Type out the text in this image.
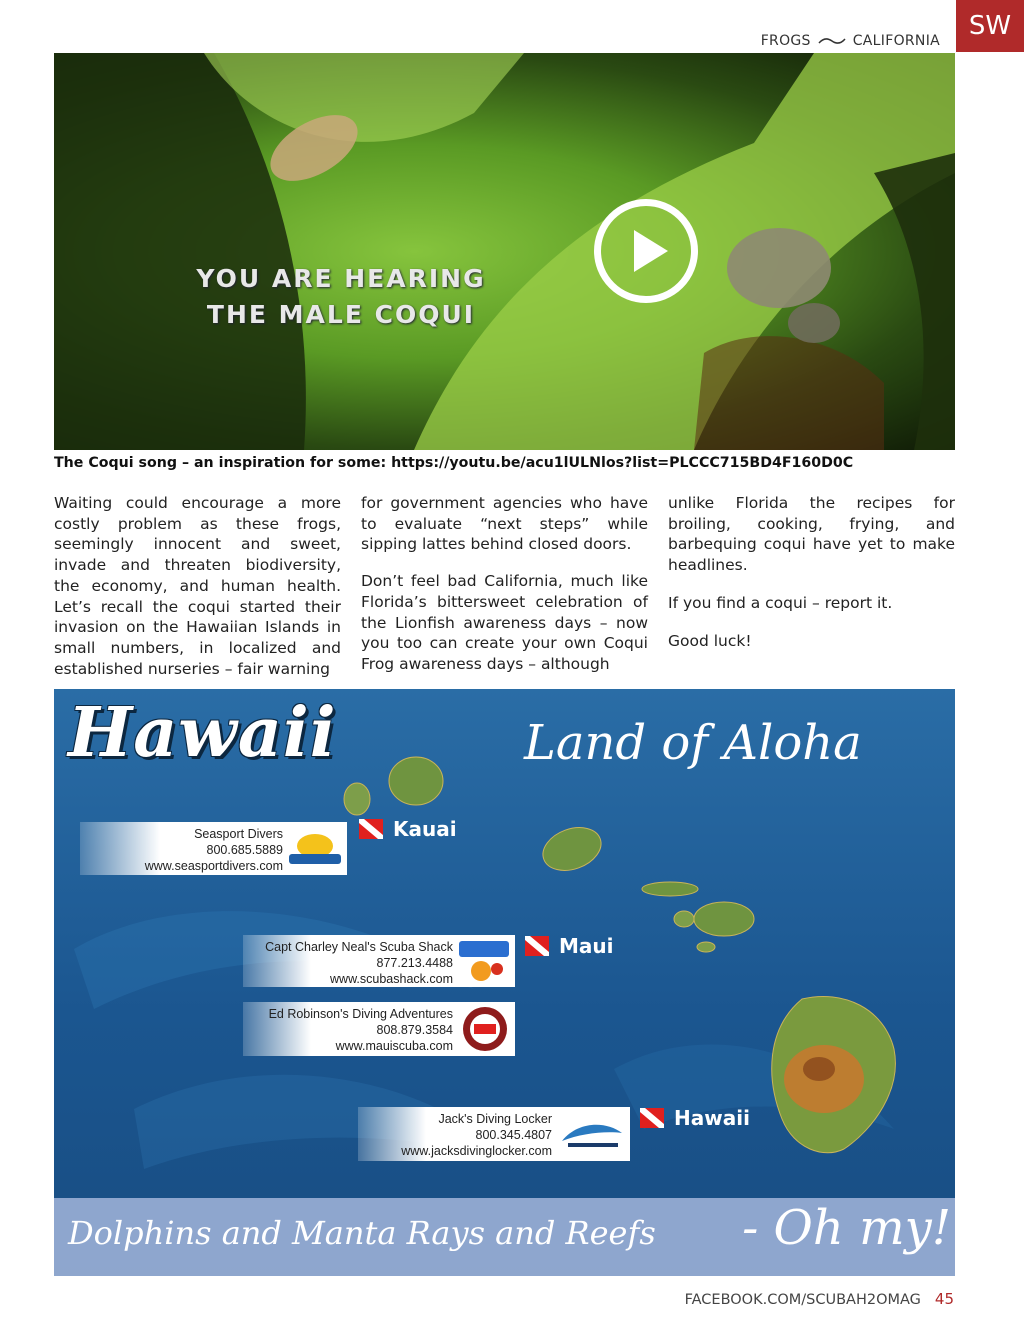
FROGS	CALIFORNIA	SW
YOU ARE HEARING
THE MALE COQUI
The Coqui song – an inspiration for some: https://youtu.be/acu1lULNlos?list=PLCCC715BD4F160D0C

Waiting could encourage a more costly problem as these frogs, seemingly innocent and sweet, invade and threaten biodiversity, the economy, and human health. Let’s recall the coqui started their invasion on the Hawaiian Islands in small numbers, in localized and established nurseries – fair warning

for government agencies who have to evaluate “next steps” while sipping lattes behind closed doors.

Don’t feel bad California, much like Florida’s bittersweet celebration of the Lionfish awareness days – now you too can create your own Coqui Frog awareness days – although

unlike Florida the recipes for broiling, cooking, frying, and barbequing coqui have yet to make headlines.

If you find a coqui – report it.

Good luck!

Hawaii	Land of Aloha
Kauai
Maui
Hawaii
Seasport Divers
800.685.5889
www.seasportdivers.com
Capt Charley Neal's Scuba Shack
877.213.4488
www.scubashack.com
Ed Robinson's Diving Adventures
808.879.3584
www.mauiscuba.com
Jack's Diving Locker
800.345.4807
www.jacksdivinglocker.com
Dolphins and Manta Rays and Reefs - Oh my!
FACEBOOK.COM/SCUBAH2OMAG 45
